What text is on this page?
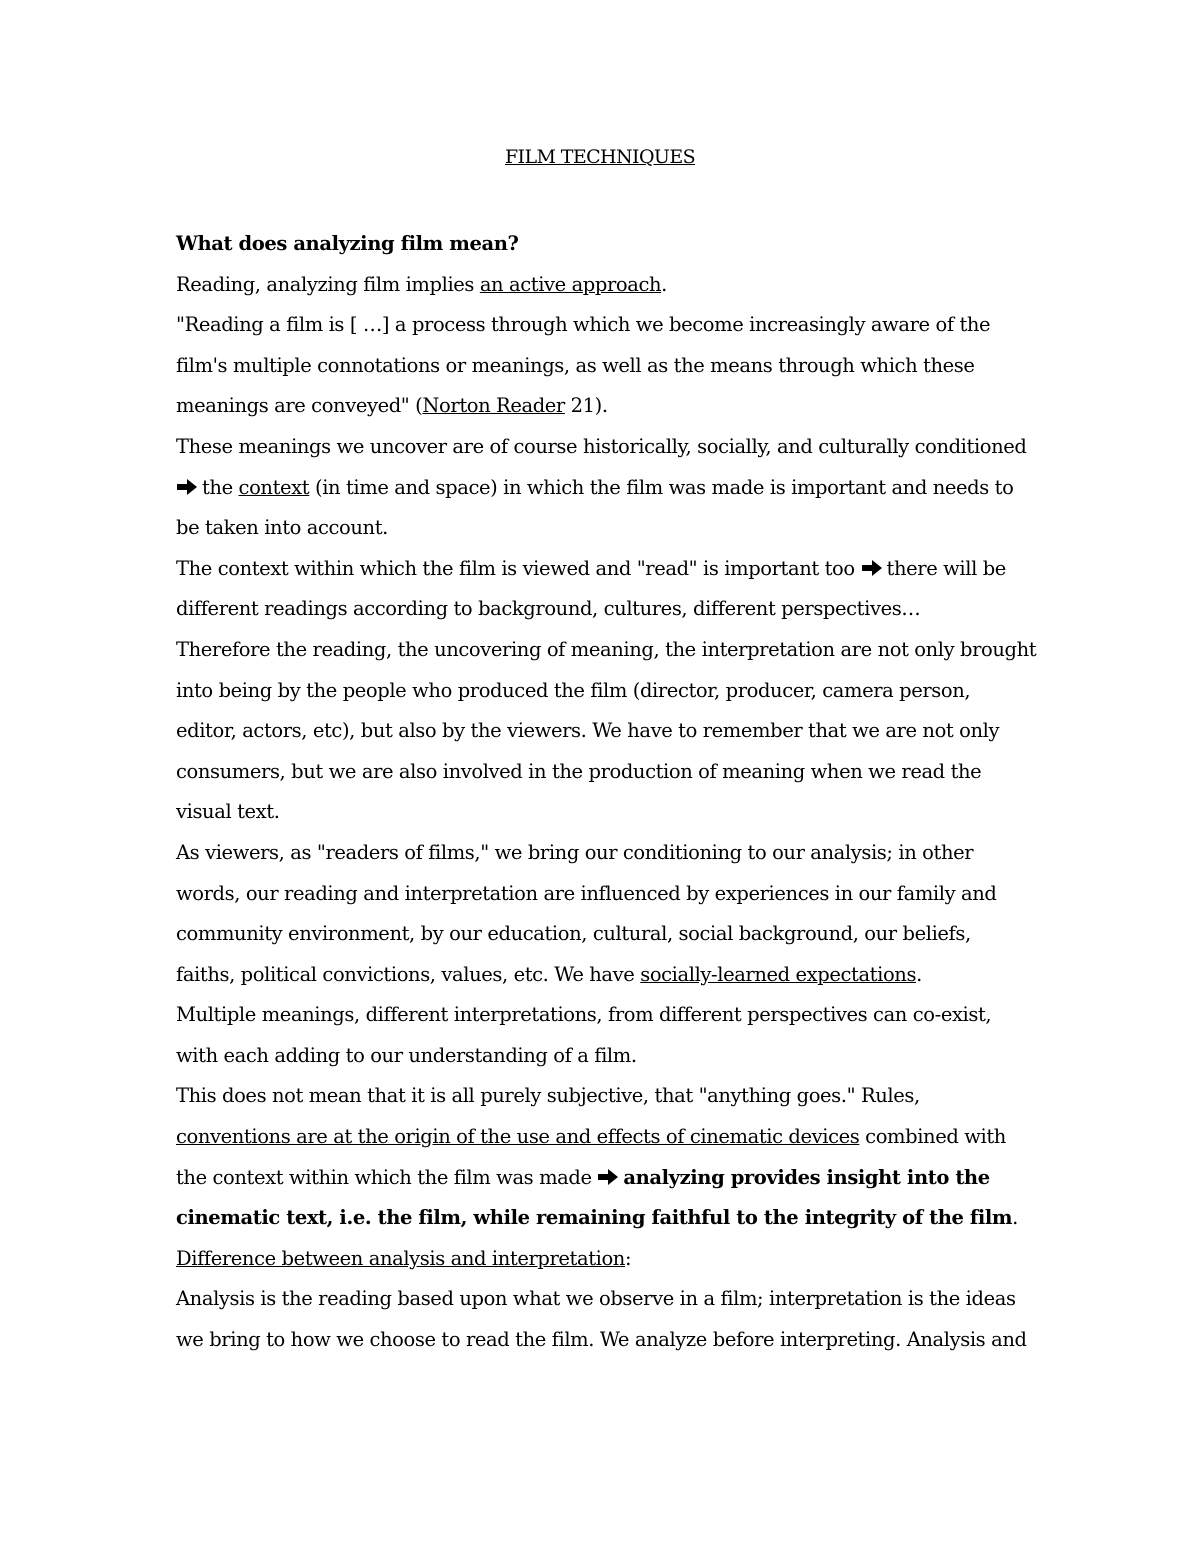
FILM TECHNIQUES
What does analyzing film mean?
Reading, analyzing film implies an active approach.
"Reading a film is [ …] a process through which we become increasingly aware of the
film's multiple connotations or meanings, as well as the means through which these
meanings are conveyed" (Norton Reader 21).
These meanings we uncover are of course historically, socially, and culturally conditioned
the context (in time and space) in which the film was made is important and needs to
be taken into account.
The context within which the film is viewed and "read" is important too there will be
different readings according to background, cultures, different perspectives…
Therefore the reading, the uncovering of meaning, the interpretation are not only brought
into being by the people who produced the film (director, producer, camera person,
editor, actors, etc), but also by the viewers. We have to remember that we are not only
consumers, but we are also involved in the production of meaning when we read the
visual text.
As viewers, as "readers of films," we bring our conditioning to our analysis; in other
words, our reading and interpretation are influenced by experiences in our family and
community environment, by our education, cultural, social background, our beliefs,
faiths, political convictions, values, etc. We have socially-learned expectations.
Multiple meanings, different interpretations, from different perspectives can co-exist,
with each adding to our understanding of a film.
This does not mean that it is all purely subjective, that "anything goes." Rules,
conventions are at the origin of the use and effects of cinematic devices combined with
the context within which the film was made analyzing provides insight into the
cinematic text, i.e. the film, while remaining faithful to the integrity of the film.
Difference between analysis and interpretation:
Analysis is the reading based upon what we observe in a film; interpretation is the ideas
we bring to how we choose to read the film. We analyze before interpreting. Analysis and
